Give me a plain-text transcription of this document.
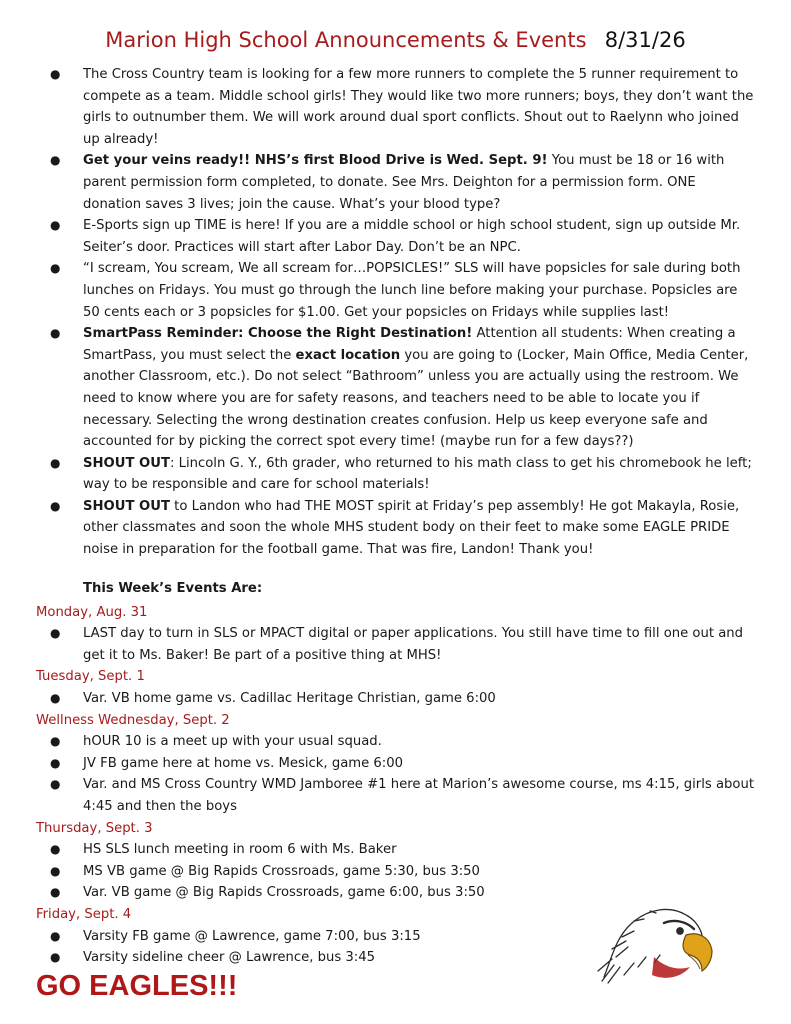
Marion High School Announcements & Events 8/31/26
● The Cross Country team is looking for a few more runners to complete the 5 runner requirement to compete as a team. Middle school girls! They would like two more runners; boys, they don’t want the girls to outnumber them. We will work around dual sport conflicts. Shout out to Raelynn who joined up already!
● Get your veins ready!! NHS’s first Blood Drive is Wed. Sept. 9! You must be 18 or 16 with parent permission form completed, to donate. See Mrs. Deighton for a permission form. ONE donation saves 3 lives; join the cause. What’s your blood type?
● E-Sports sign up TIME is here! If you are a middle school or high school student, sign up outside Mr. Seiter’s door. Practices will start after Labor Day. Don’t be an NPC.
● “I scream, You scream, We all scream for…POPSICLES!” SLS will have popsicles for sale during both lunches on Fridays. You must go through the lunch line before making your purchase. Popsicles are 50 cents each or 3 popsicles for $1.00. Get your popsicles on Fridays while supplies last!
● SmartPass Reminder: Choose the Right Destination! Attention all students: When creating a SmartPass, you must select the exact location you are going to (Locker, Main Office, Media Center, another Classroom, etc.). Do not select “Bathroom” unless you are actually using the restroom. We need to know where you are for safety reasons, and teachers need to be able to locate you if necessary. Selecting the wrong destination creates confusion. Help us keep everyone safe and accounted for by picking the correct spot every time! (maybe run for a few days??)
● SHOUT OUT: Lincoln G. Y., 6th grader, who returned to his math class to get his chromebook he left; way to be responsible and care for school materials!
● SHOUT OUT to Landon who had THE MOST spirit at Friday’s pep assembly! He got Makayla, Rosie, other classmates and soon the whole MHS student body on their feet to make some EAGLE PRIDE noise in preparation for the football game. That was fire, Landon! Thank you!
This Week’s Events Are:
Monday, Aug. 31
● LAST day to turn in SLS or MPACT digital or paper applications. You still have time to fill one out and get it to Ms. Baker! Be part of a positive thing at MHS!
Tuesday, Sept. 1
● Var. VB home game vs. Cadillac Heritage Christian, game 6:00
Wellness Wednesday, Sept. 2
● hOUR 10 is a meet up with your usual squad.
● JV FB game here at home vs. Mesick, game 6:00
● Var. and MS Cross Country WMD Jamboree #1 here at Marion’s awesome course, ms 4:15, girls about 4:45 and then the boys
Thursday, Sept. 3
● HS SLS lunch meeting in room 6 with Ms. Baker
● MS VB game @ Big Rapids Crossroads, game 5:30, bus 3:50
● Var. VB game @ Big Rapids Crossroads, game 6:00, bus 3:50
Friday, Sept. 4
● Varsity FB game @ Lawrence, game 7:00, bus 3:15
● Varsity sideline cheer @ Lawrence, bus 3:45
GO EAGLES!!!
